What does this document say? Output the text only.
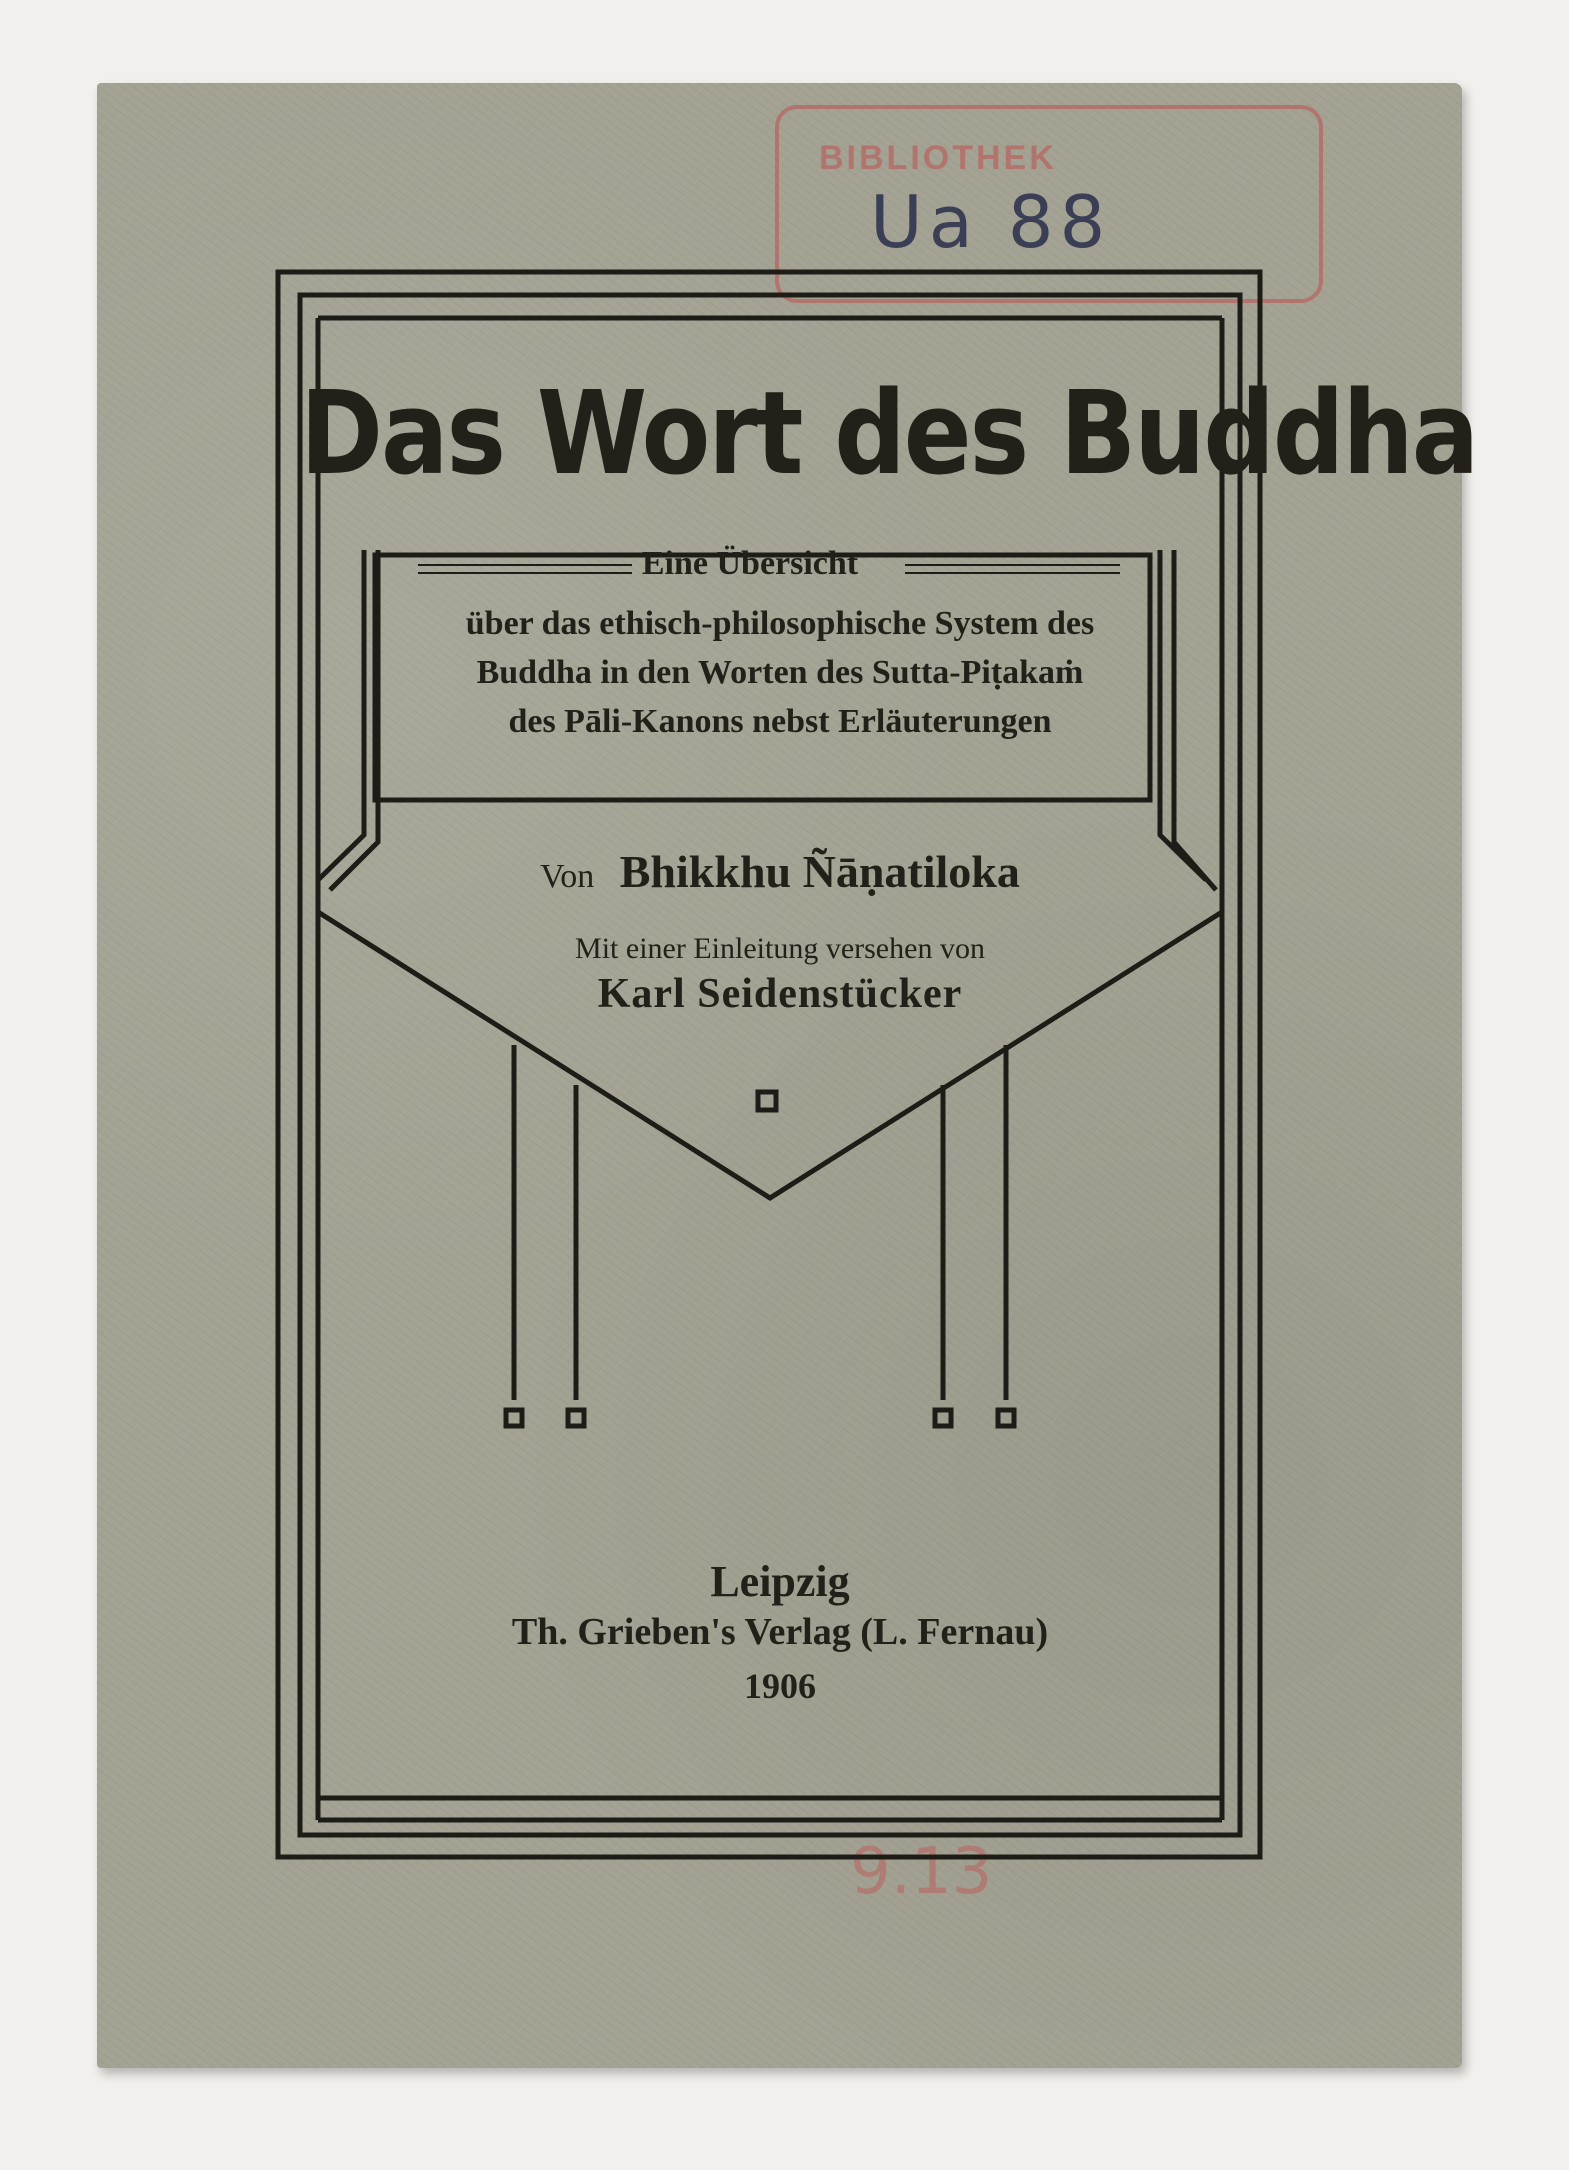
BIBLIOTHEK
Ua 88
9.13
Das Wort des Buddha
Eine Übersicht
über das ethisch-philosophische System des
Buddha in den Worten des Sutta-Piṭakaṁ
des Pāli-Kanons nebst Erläuterungen
Von Bhikkhu Ñāṇatiloka
Mit einer Einleitung versehen von
Karl Seidenstücker
Leipzig
Th. Grieben's Verlag (L. Fernau)
1906
